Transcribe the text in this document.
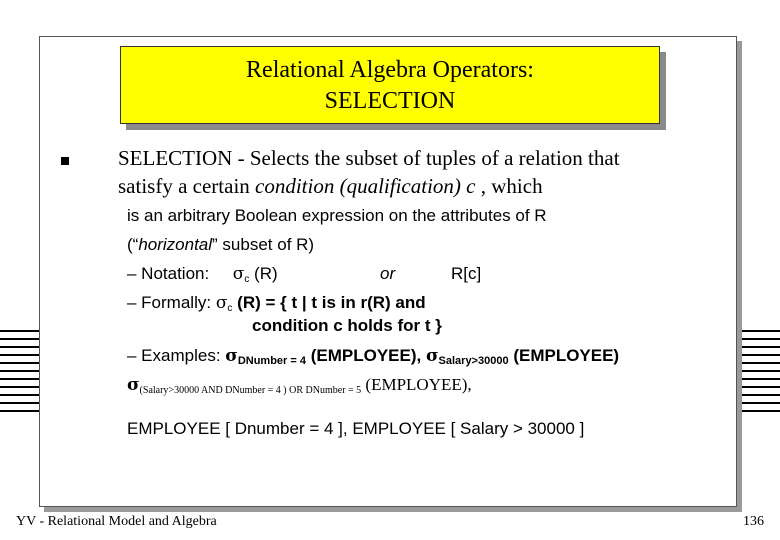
Relational Algebra Operators:
SELECTION
SELECTION - Selects the subset of tuples of a relation that
satisfy a certain condition (qualification) c , which
is an arbitrary Boolean expression on the attributes of R
(“horizontal” subset of R)
– Notation: $\sigma_c$ (R)	or	R[c]
– Formally: $\sigma_c$ (R) = { t | t is in r(R) and
condition c holds for t }
– Examples: σDNumber = 4 (EMPLOYEE), σSalary>30000 (EMPLOYEE)
$\sigma_{(Salary>30000 AND DNumber = 4 ) OR DNumber = 5}$ (EMPLOYEE),
EMPLOYEE [ Dnumber = 4 ], EMPLOYEE [ Salary > 30000 ]
YV - Relational Model and Algebra	136
